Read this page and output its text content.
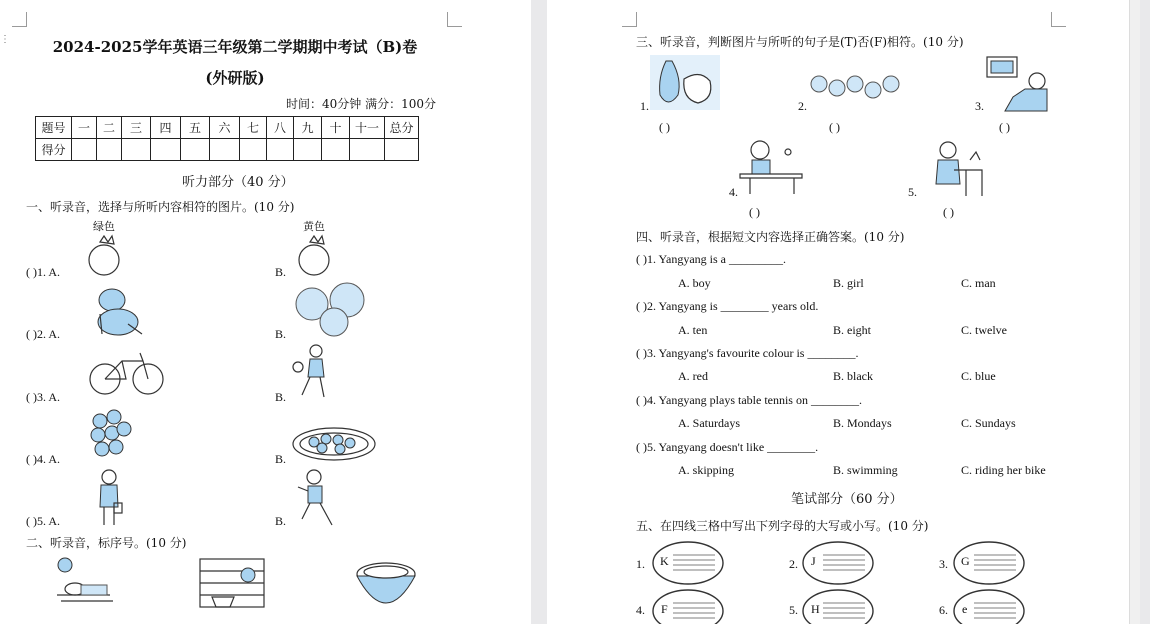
⋮	2024-2025学年英语三年级第二学期期中考试（B)卷
(外研版)
时间：40分钟 满分：100分
题号	一	二	三	四	五	六	七	八	九	十	十一	总分
得分												
听力部分（40 分）
一、听录音，选择与所听内容相符的图片。(10 分)
绿色	黄色
( )1. A.	B.
( )2. A.	B.
( )3. A.	B.
( )4. A.	B.
( )5. A.	B.
二、听录音，标序号。(10 分)
三、听录音，判断图片与所听的句子是(T)否(F)相符。(10 分)
1.
( )
2.
( )
3.
( )
4.
( )
5.
( )
四、听录音，根据短文内容选择正确答案。(10 分)
( )1. Yangyang is a _________.
A. boy	B. girl	C. man
( )2. Yangyang is ________ years old.
A. ten	B. eight	C. twelve
( )3. Yangyang's favourite colour is ________.
A. red	B. black	C. blue
( )4. Yangyang plays table tennis on ________.
A. Saturdays	B. Mondays	C. Sundays
( )5. Yangyang doesn't like ________.
A. skipping	B. swimming	C. riding her bike
笔试部分（60 分）
五、在四线三格中写出下列字母的大写或小写。(10 分)
1. K	2. J	3. G
4. F	5. H	6. e
